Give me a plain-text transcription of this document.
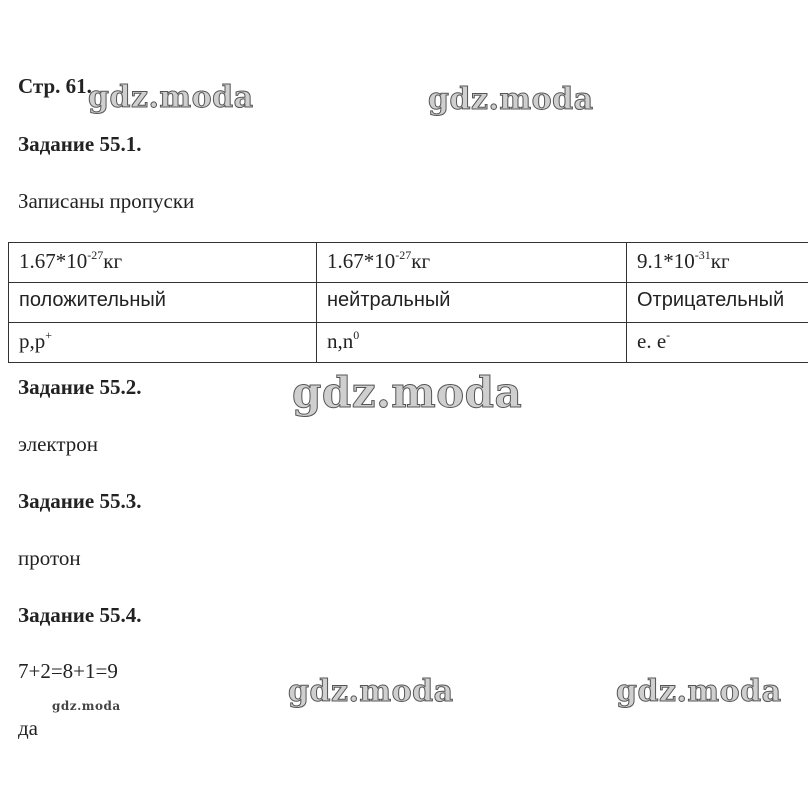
Стр. 61.
Задание 55.1.
Записаны пропуски
$1.67*10^{-27}кг$	$1.67*10^{-27}кг$	$9.1*10^{-31}кг$
положительный	нейтральный	Отрицательный
p,p+	$n,n^0$	e. e-
Задание 55.2.
электрон
Задание 55.3.
протон
Задание 55.4.
7+2=8+1=9
да
gdz.moda	gdz.moda
gdz.moda
gdz.moda	gdz.moda
gdz.moda
